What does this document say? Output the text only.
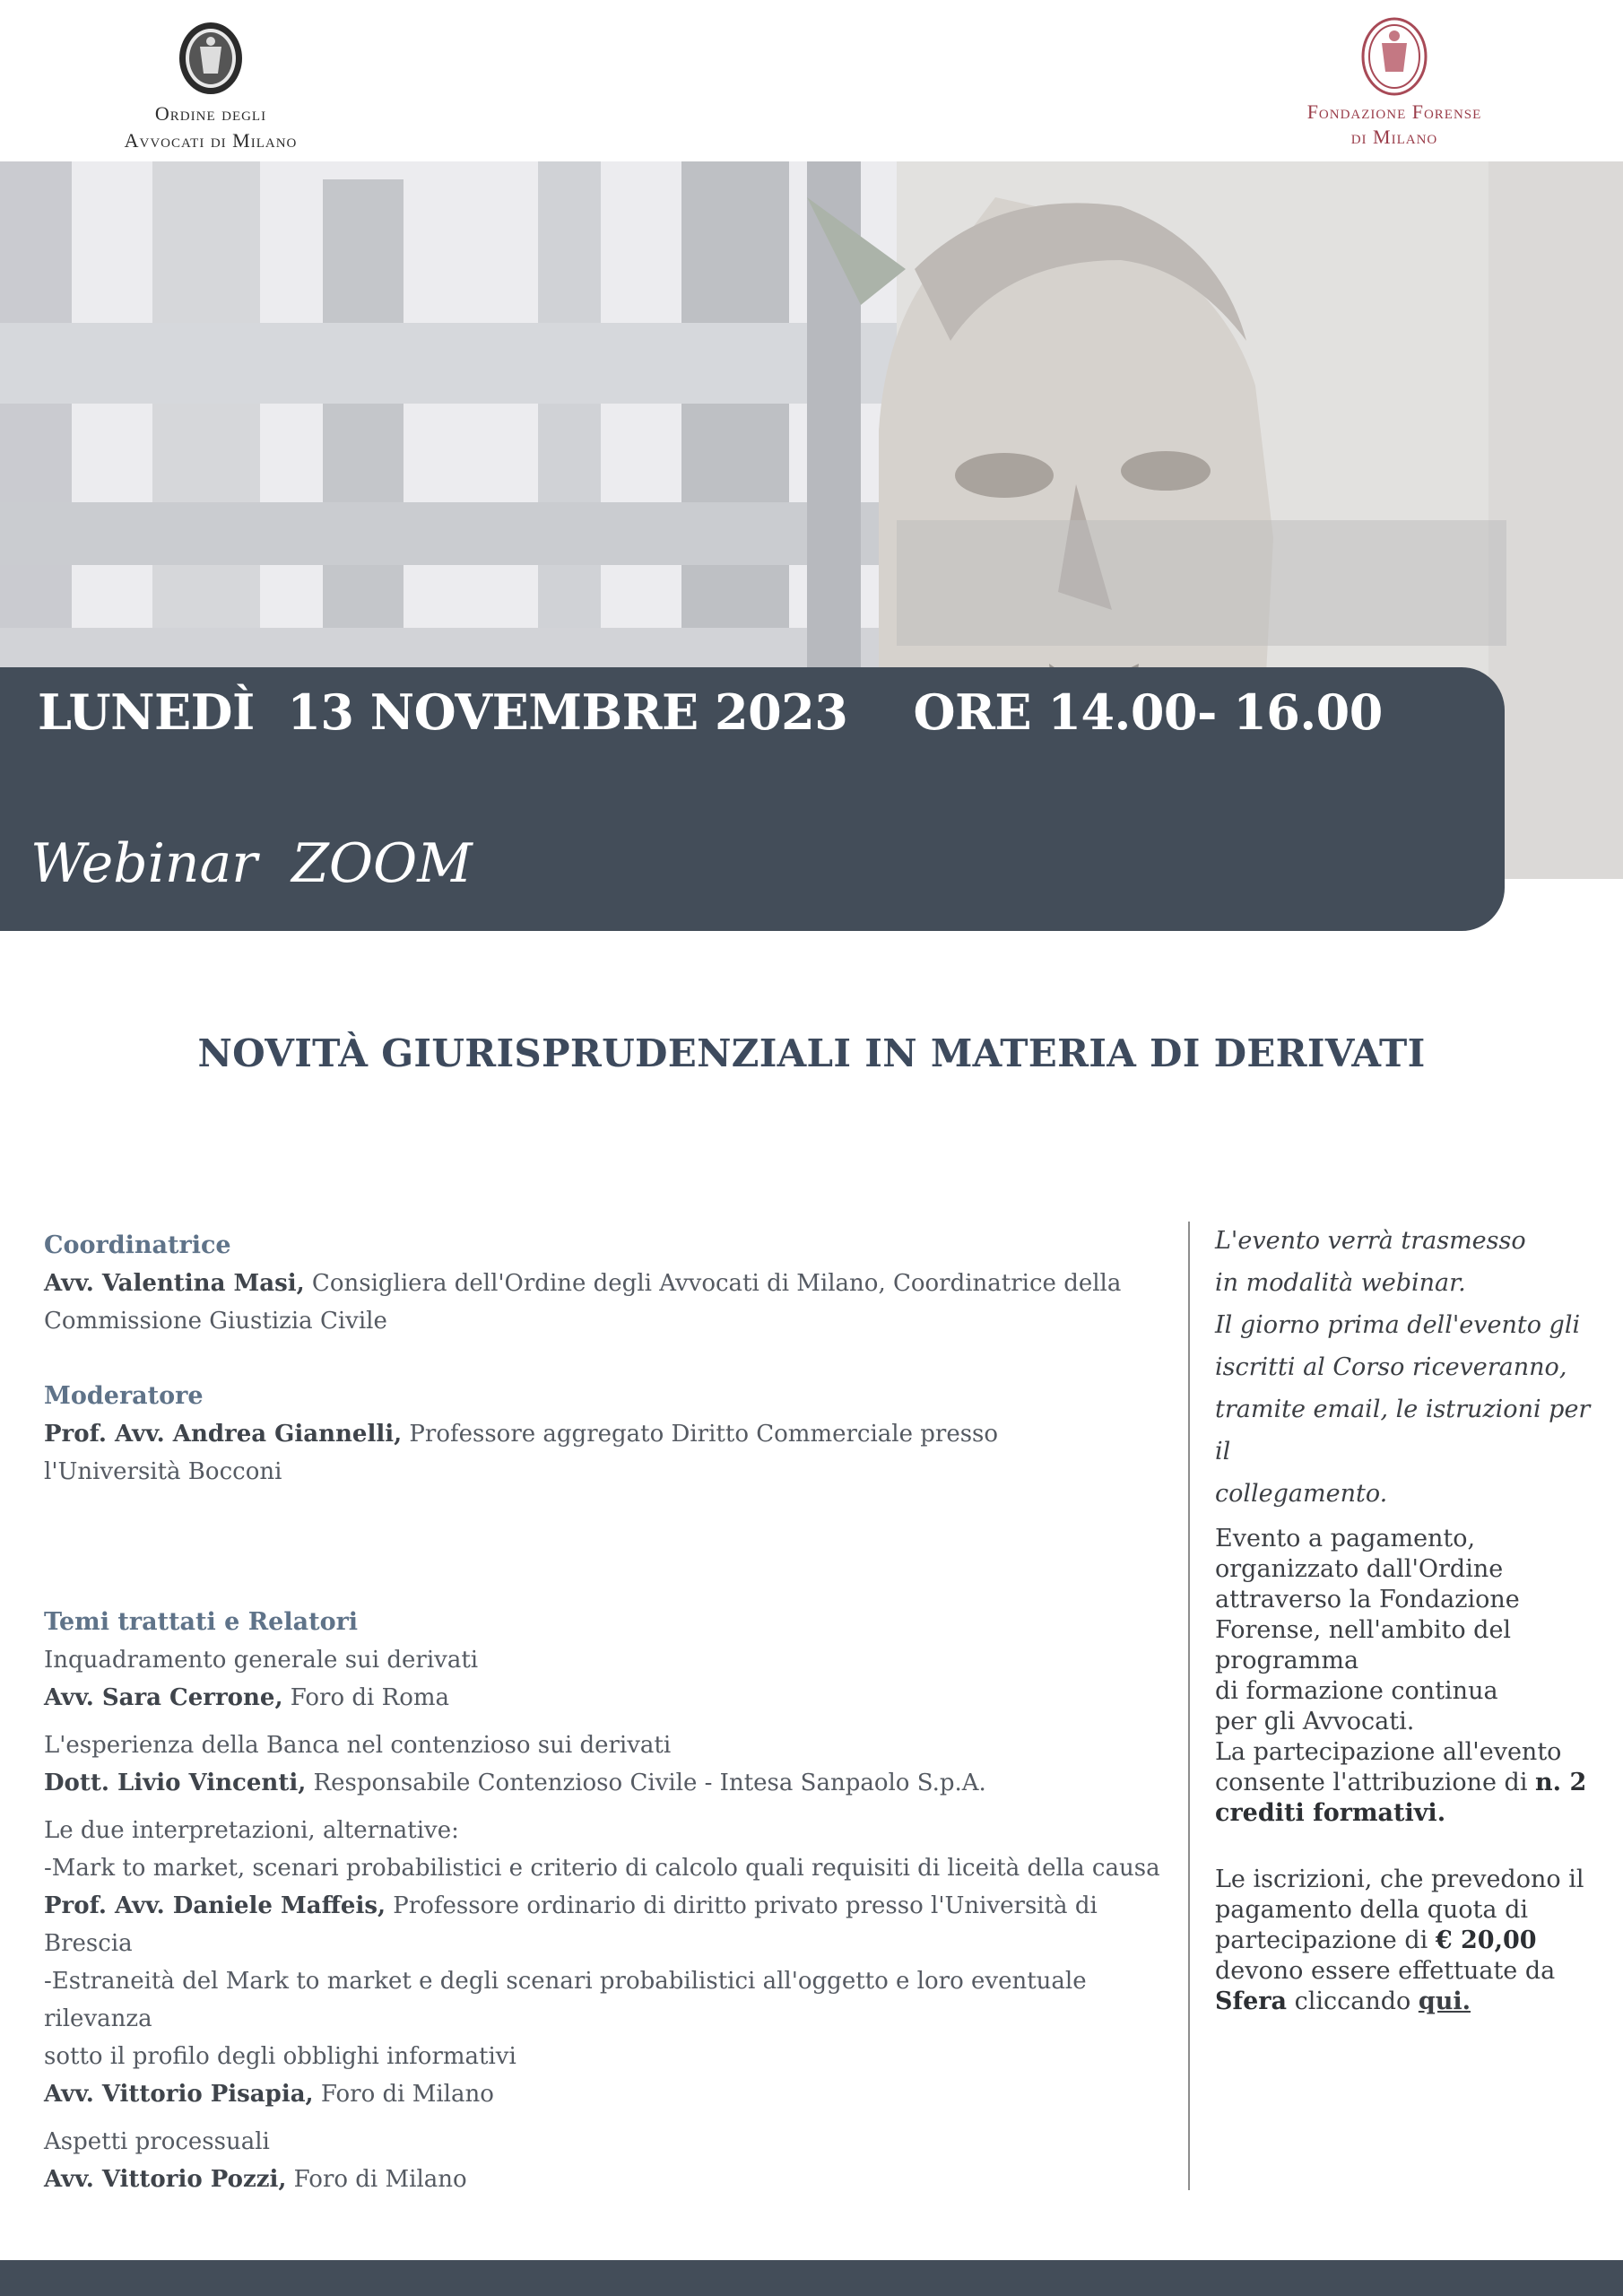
Ordine degli
Avvocati di Milano
Fondazione Forense
di Milano
LUNEDÌ  13 NOVEMBRE 2023    ORE 14.00- 16.00
Webinar  ZOOM
NOVITÀ GIURISPRUDENZIALI IN MATERIA DI DERIVATI
Coordinatrice

Avv. Valentina Masi, Consigliera dell'Ordine degli Avvocati di Milano, Coordinatrice della

Commissione Giustizia Civile

Moderatore

Prof. Avv. Andrea Giannelli, Professore aggregato Diritto Commerciale presso

l'Università Bocconi

Temi trattati e Relatori

Inquadramento generale sui derivati

Avv. Sara Cerrone, Foro di Roma

L'esperienza della Banca nel contenzioso sui derivati

Dott. Livio Vincenti, Responsabile Contenzioso Civile - Intesa Sanpaolo S.p.A.

Le due interpretazioni, alternative:

-Mark to market, scenari probabilistici e criterio di calcolo quali requisiti di liceità della causa

Prof. Avv. Daniele Maffeis, Professore ordinario di diritto privato presso l'Università di Brescia

-Estraneità del Mark to market e degli scenari probabilistici all'oggetto e loro eventuale rilevanza

sotto il profilo degli obblighi informativi

Avv. Vittorio Pisapia, Foro di Milano

Aspetti processuali

Avv. Vittorio Pozzi, Foro di Milano

L'evento verrà trasmesso

in modalità webinar.

Il giorno prima dell'evento gli

iscritti al Corso riceveranno,

tramite email, le istruzioni per il

collegamento.

Evento a pagamento,

organizzato dall'Ordine

attraverso la Fondazione

Forense, nell'ambito del

programma

di formazione continua

per gli Avvocati.

La partecipazione all'evento

consente l'attribuzione di n. 2

crediti formativi.

Le iscrizioni, che prevedono il

pagamento della quota di

partecipazione di € 20,00

devono essere effettuate da

Sfera cliccando qui.
